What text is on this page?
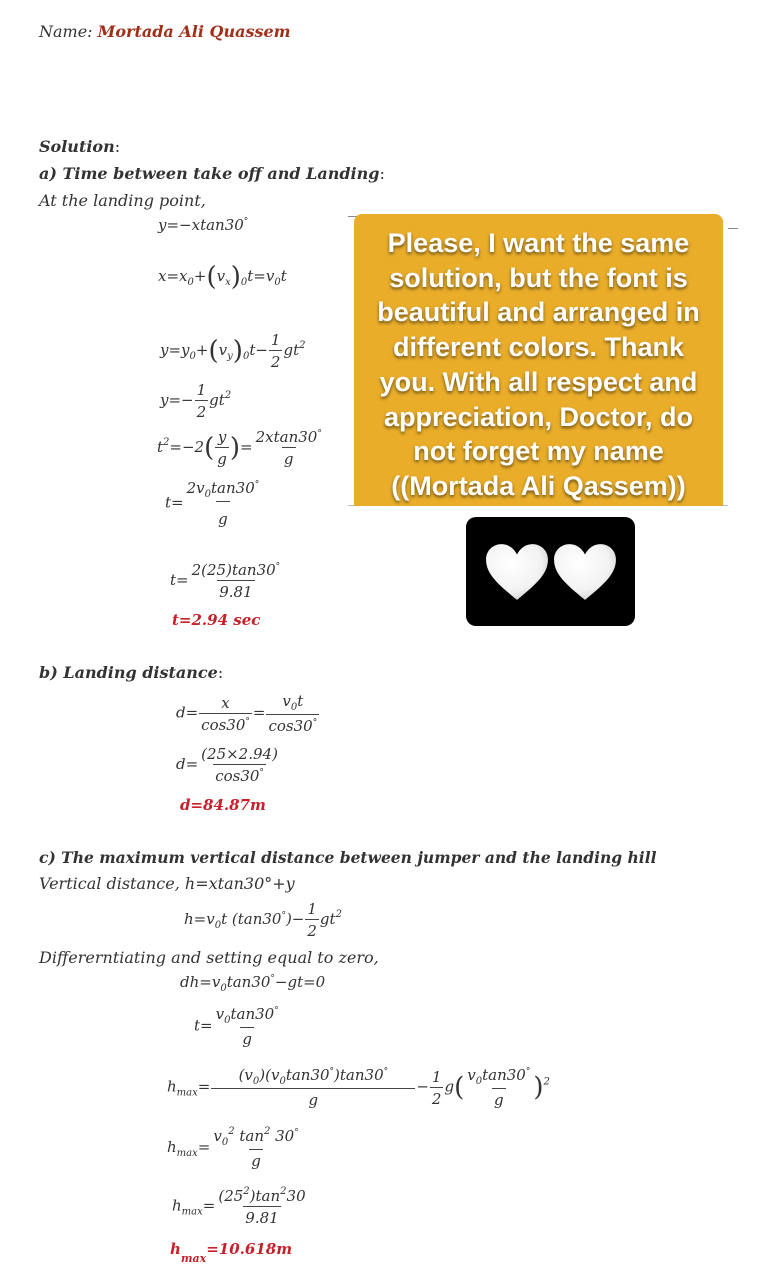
Name: Mortada Ali Quassem
Solution:
a) Time between take off and Landing:
At the landing point,
y=−xtan30°
$x=x_0+(v_x)_0t=v_0t$
$y=y_0+(v_y)_0t- \frac{1}{2} gt^2$
$y=- \frac{1}{2} gt^2$
$t^2=-2( \frac{y}{g}$ )= $\frac{2xtan30^\circ}{g}$
$t= \frac{2v_0\tan 30^\circ}{g}$
$t= \frac{2(25)\tan 30^\circ}{9.81}$
t=2.94 sec
b) Landing distance:
$d= \frac{x}{\cos 30^\circ} = \frac{v_0t}{\cos 30^\circ}$
$d= \frac{(25\times 2.94)}{\cos 30^\circ}$
d=84.87m
c) The maximum vertical distance between jumper and the landing hill
Vertical distance, h=xtan30°+y
$h=v_0t$ $(\tan 30^\circ)- \frac{1}{2} gt^2$
Differerntiating and setting equal to zero,
$dh=v_0\tan 30^\circ-gt=0$
$t= \frac{v_0\tan 30^\circ}{g}$
$h_{max}= \frac{(v_0)(v_0\tan 30^\circ)\tan 30^\circ}{g} - \frac{1}{2} g( \frac{v_0\tan 30^\circ}{g} )^2$
$h_{max}= \frac{v_0^2 \tan^2 30^\circ}{g}$
$h_{max}= \frac{(25^2)\tan^230}{9.81}$
$h_{max}=10.618m$
Please, I want the same
solution, but the font is
beautiful and arranged in
different colors. Thank
you. With all respect and
appreciation, Doctor, do
not forget my name
((Mortada Ali Qassem))
